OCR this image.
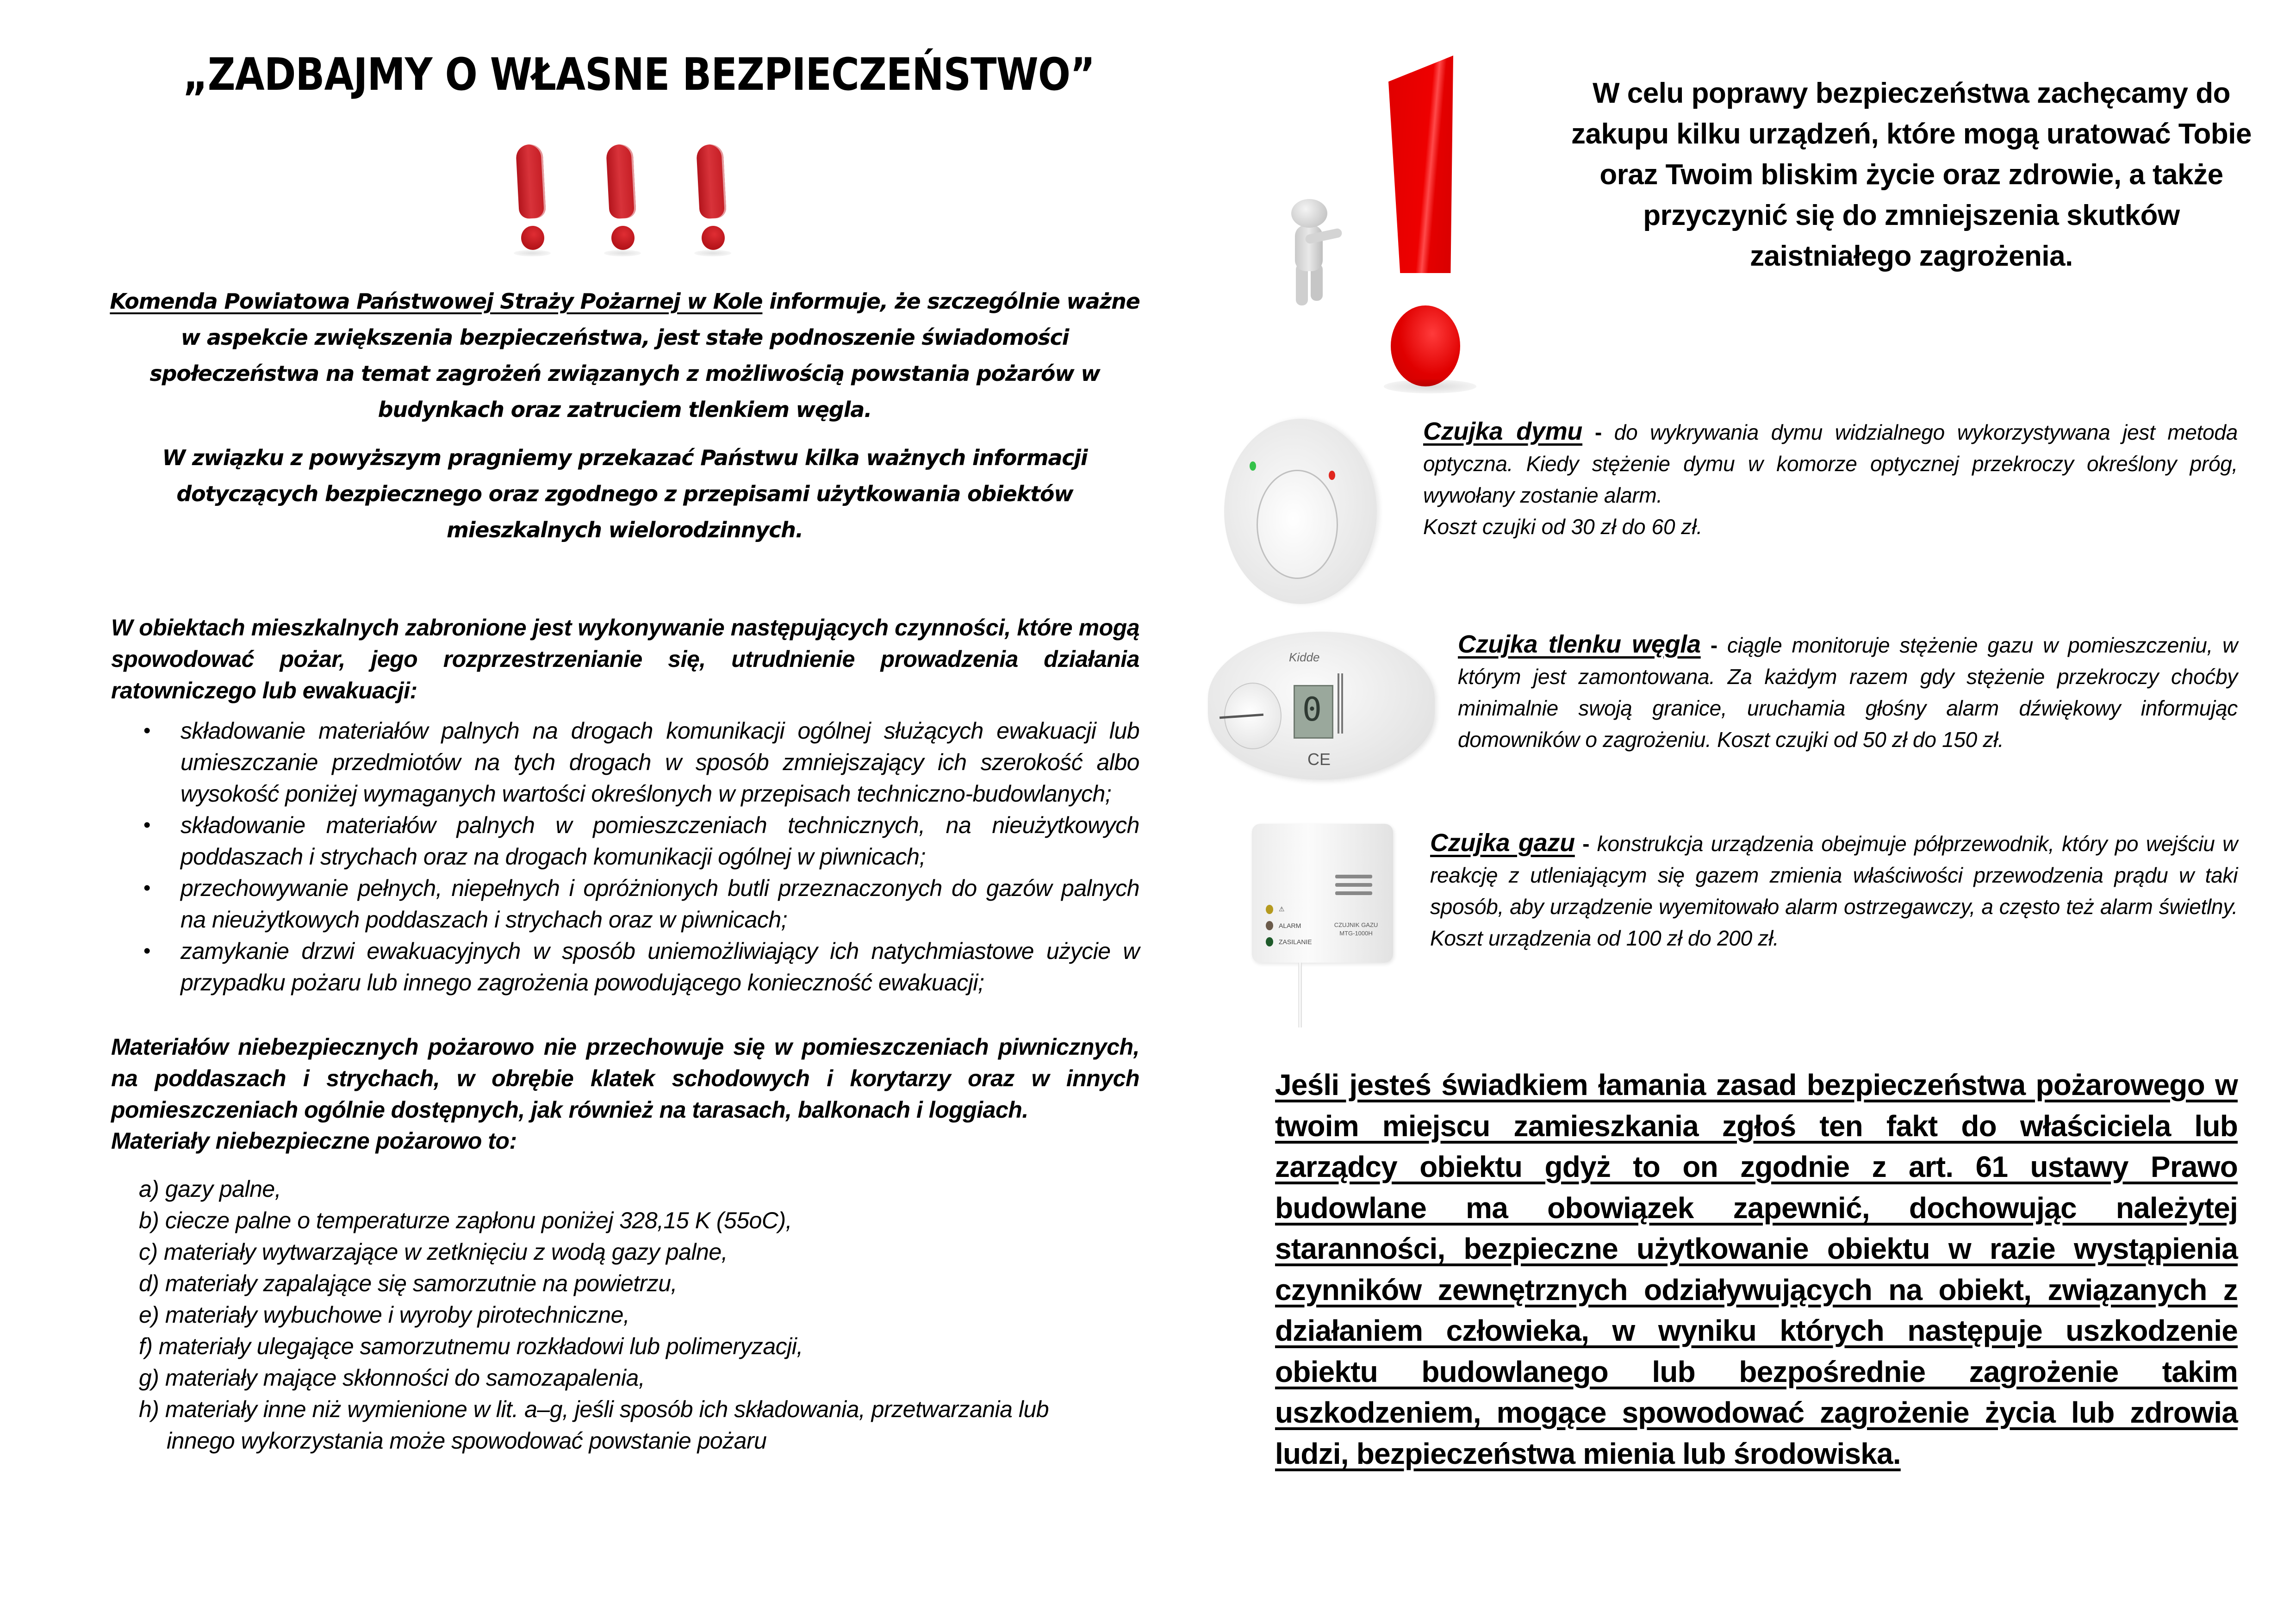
„ZADBAJMY O WŁASNE BEZPIECZEŃSTWO”
Komenda Powiatowa Państwowej Straży Pożarnej w Kole informuje, że szczególnie ważne w aspekcie zwiększenia bezpieczeństwa, jest stałe podnoszenie świadomości społeczeństwa na temat zagrożeń związanych z możliwością powstania pożarów w budynkach oraz zatruciem tlenkiem węgla.
W związku z powyższym pragniemy przekazać Państwu kilka ważnych informacji dotyczących bezpiecznego oraz zgodnego z przepisami użytkowania obiektów mieszkalnych wielorodzinnych.
W obiektach mieszkalnych zabronione jest wykonywanie następujących czynności, które mogą spowodować pożar, jego rozprzestrzenianie się, utrudnienie prowadzenia działania ratowniczego lub ewakuacji:
• składowanie materiałów palnych na drogach komunikacji ogólnej służących ewakuacji lub umieszczanie przedmiotów na tych drogach w sposób zmniejszający ich szerokość albo wysokość poniżej wymaganych wartości określonych w przepisach techniczno-budowlanych;
• składowanie materiałów palnych w pomieszczeniach technicznych, na nieużytkowych poddaszach i strychach oraz na drogach komunikacji ogólnej w piwnicach;
• przechowywanie pełnych, niepełnych i opróżnionych butli przeznaczonych do gazów palnych na nieużytkowych poddaszach i strychach oraz w piwnicach;
• zamykanie drzwi ewakuacyjnych w sposób uniemożliwiający ich natychmiastowe użycie w przypadku pożaru lub innego zagrożenia powodującego konieczność ewakuacji;
Materiałów niebezpiecznych pożarowo nie przechowuje się w pomieszczeniach piwnicznych, na poddaszach i strychach, w obrębie klatek schodowych i korytarzy oraz w innych pomieszczeniach ogólnie dostępnych, jak również na tarasach, balkonach i loggiach.
Materiały niebezpieczne pożarowo to:
a) gazy palne,
b) ciecze palne o temperaturze zapłonu poniżej 328,15 K (55oC),
c) materiały wytwarzające w zetknięciu z wodą gazy palne,
d) materiały zapalające się samorzutnie na powietrzu,
e) materiały wybuchowe i wyroby pirotechniczne,
f) materiały ulegające samorzutnemu rozkładowi lub polimeryzacji,
g) materiały mające skłonności do samozapalenia,
h) materiały inne niż wymienione w lit. a–g, jeśli sposób ich składowania, przetwarzania lub
innego wykorzystania może spowodować powstanie pożaru
W celu poprawy bezpieczeństwa zachęcamy do zakupu kilku urządzeń, które mogą uratować Tobie oraz Twoim bliskim życie oraz zdrowie, a także przyczynić się do zmniejszenia skutków zaistniałego zagrożenia.
Czujka dymu - do wykrywania dymu widzialnego wykorzystywana jest metoda optyczna. Kiedy stężenie dymu w komorze optycznej przekroczy określony próg, wywołany zostanie alarm.
Koszt czujki od 30 zł do 60 zł.
Kidde
0
CE
Czujka tlenku węgla - ciągle monitoruje stężenie gazu w pomieszczeniu, w którym jest zamontowana. Za każdym razem gdy stężenie przekroczy choćby minimalnie swoją granice, uruchamia głośny alarm dźwiękowy informując domowników o zagrożeniu. Koszt czujki od 50 zł do 150 zł.
⚠
ALARM
ZASILANIE
CZUJNIK GAZU MTG-1000H
Czujka gazu - konstrukcja urządzenia obejmuje półprzewodnik, który po wejściu w reakcję z utleniającym się gazem zmienia właściwości przewodzenia prądu w taki sposób, aby urządzenie wyemitowało alarm ostrzegawczy, a często też alarm świetlny. Koszt urządzenia od 100 zł do 200 zł.
Jeśli jesteś świadkiem łamania zasad bezpieczeństwa pożarowego w twoim miejscu zamieszkania zgłoś ten fakt do właściciela lub zarządcy obiektu gdyż to on zgodnie z art. 61 ustawy Prawo budowlane ma obowiązek zapewnić, dochowując należytej staranności, bezpieczne użytkowanie obiektu w razie wystąpienia czynników zewnętrznych odziaływujących na obiekt, związanych z działaniem człowieka, w wyniku których następuje uszkodzenie obiektu budowlanego lub bezpośrednie zagrożenie takim uszkodzeniem, mogące spowodować zagrożenie życia lub zdrowia ludzi, bezpieczeństwa mienia lub środowiska.
